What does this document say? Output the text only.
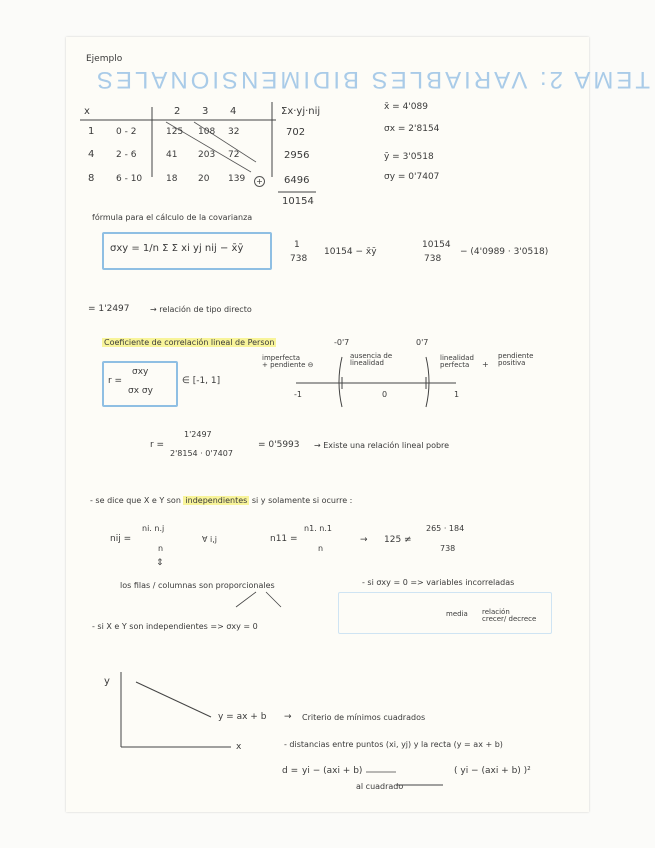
TEMA 2: VARIABLES BIDIMENSIONALES
Ejemplo
x	2 3 4	Σx·yj·nij
1 0 - 2	125 108 32	702
4 2 - 6	41 203 72	2956
8 6 - 10	18 20 139 + 6496
10154
x̄ = 4'089
σx = 2'8154
ȳ = 3'0518
σy = 0'7407
fórmula para el cálculo de la covarianza
σxy = 1/n Σ Σ xi yj nij − x̄ȳ	1
738
10154 − x̄ȳ
10154
738
− (4'0989 · 3'0518)
= 1'2497	→ relación de tipo directo
Coeficiente de correlación lineal de Person	-0'7	0'7
r =
σxy
σx σy
∈ [-1, 1]
imperfecta
+ pendiente ⊖
ausencia de
linealidad
linealidad
perfecta	+
pendiente
positiva
-1	0	1
r =
1'2497
2'8154 · 0'7407
= 0'5993 → Existe una relación lineal pobre
- se dice que X e Y son independientes si y solamente si ocurre :
nij =
ni. n.j
n
∀ i,j	n11 =
n1. n.1
n
→ 125 ≠
265 · 184
738
⇕
los filas / columnas son proporcionales	- si σxy = 0 => variables incorreladas
media relación
crecer/ decrece
- si X e Y son independientes => σxy = 0
y
x
y = ax + b → Criterio de mínimos cuadrados
- distancias entre puntos (xi, yj) y la recta (y = ax + b)
d = yi − (axi + b)
al cuadrado
( yi − (axi + b) )²
